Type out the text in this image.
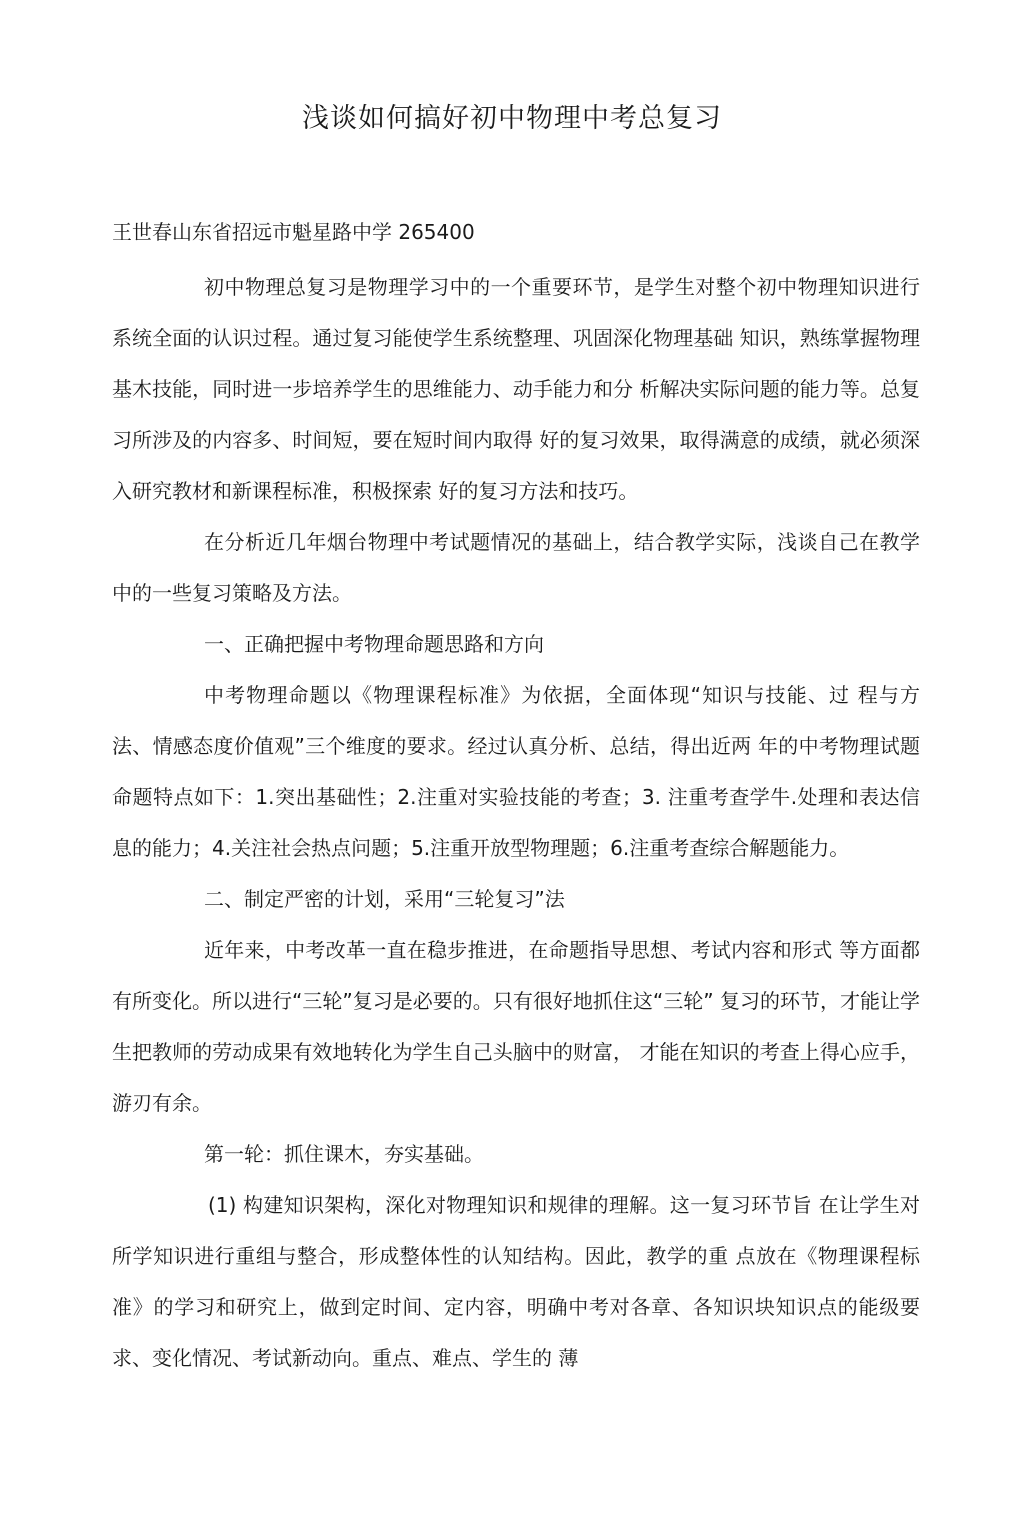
浅谈如何搞好初中物理中考总复习

王世春山东省招远市魁星路中学 265400

初中物理总复习是物理学习中的一个重要环节，是学生对整个初中物理知识进行系统全面的认识过程。通过复习能使学生系统整理、巩固深化物理基础 知识，熟练掌握物理基木技能，同时进一步培养学生的思维能力、动手能力和分 析解决实际问题的能力等。总复习所涉及的内容多、时间短，要在短时间内取得 好的复习效果，取得满意的成绩，就必须深入研究教材和新课程标准，积极探索 好的复习方法和技巧。

在分析近几年烟台物理中考试题情况的基础上，结合教学实际，浅谈自己在教学中的一些复习策略及方法。

一、正确把握中考物理命题思路和方向

中考物理命题以《物理课程标准》为依据，全面体现“知识与技能、过 程与方法、情感态度价值观”三个维度的要求。经过认真分析、总结，得出近两 年的中考物理试题命题特点如下：1.突出基础性；2.注重对实验技能的考查；3. 注重考查学牛.处理和表达信息的能力；4.关注社会热点问题；5.注重开放型物理题；6.注重考查综合解题能力。

二、制定严密的计划，采用“三轮复习”法

近年来，中考改革一直在稳步推进，在命题指导思想、考试内容和形式 等方面都有所变化。所以进行“三轮”复习是必要的。只有很好地抓住这“三轮” 复习的环节，才能让学生把教师的劳动成果有效地转化为学生自己头脑中的财富， 才能在知识的考查上得心应手，游刃有余。

第一轮：抓住课木，夯实基础。

(1) 构建知识架构，深化对物理知识和规律的理解。这一复习环节旨 在让学生对所学知识进行重组与整合，形成整体性的认知结构。因此，教学的重 点放在《物理课程标准》的学习和研究上，做到定时间、定内容，明确中考对各章、各知识块知识点的能级要求、变化情况、考试新动向。重点、难点、学生的 薄
